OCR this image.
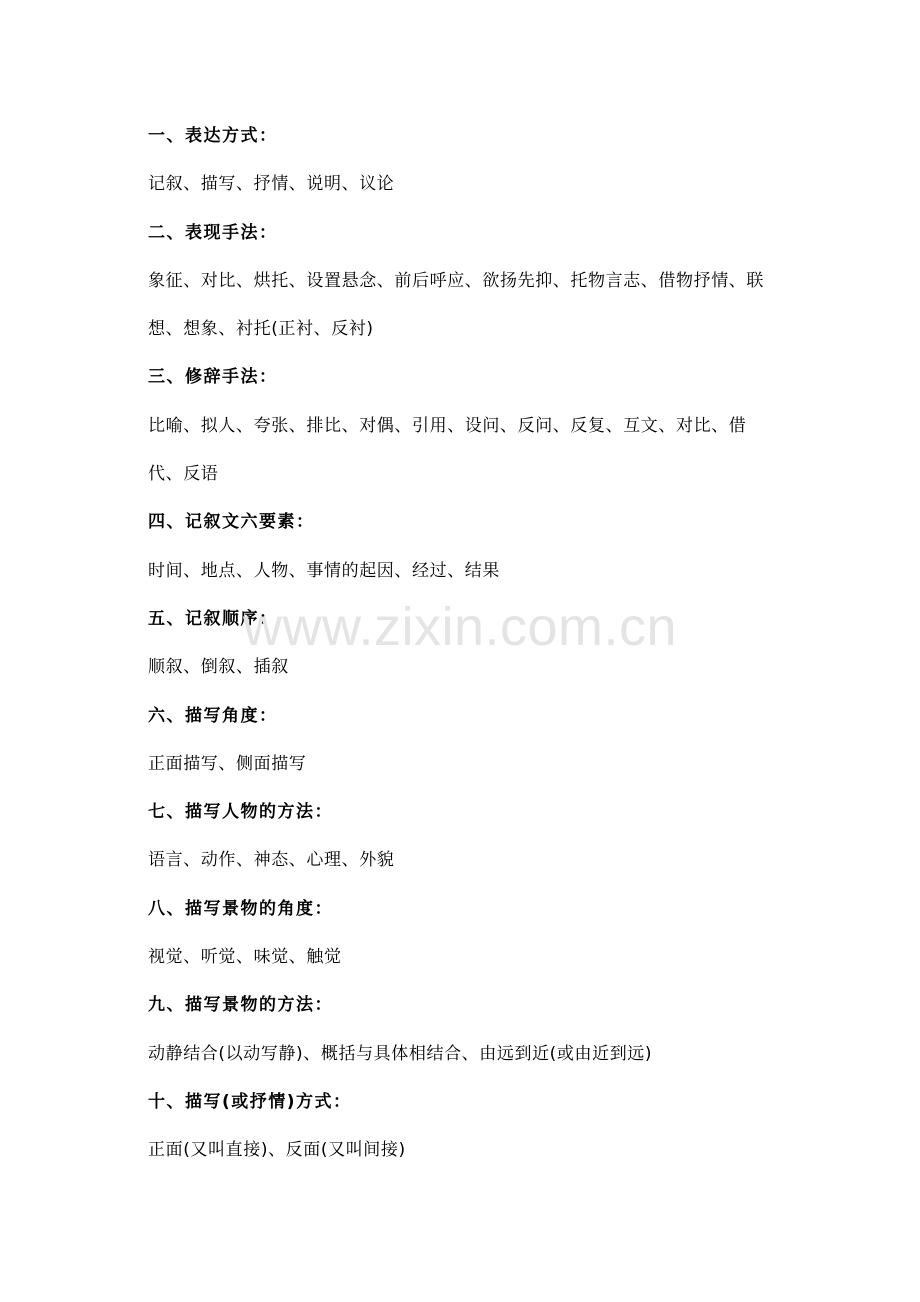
一、表达方式：
记叙、描写、抒情、说明、议论
二、表现手法：
象征、对比、烘托、设置悬念、前后呼应、欲扬先抑、托物言志、借物抒情、联想、想象、衬托(正衬、反衬)
三、修辞手法：
比喻、拟人、夸张、排比、对偶、引用、设问、反问、反复、互文、对比、借代、反语
四、记叙文六要素：
时间、地点、人物、事情的起因、经过、结果
五、记叙顺序：
顺叙、倒叙、插叙
六、描写角度：
正面描写、侧面描写
七、描写人物的方法：
语言、动作、神态、心理、外貌
八、描写景物的角度：
视觉、听觉、味觉、触觉
九、描写景物的方法：
动静结合(以动写静)、概括与具体相结合、由远到近(或由近到远)
十、描写(或抒情)方式：
正面(又叫直接)、反面(又叫间接)
www.zixin.com.cn
